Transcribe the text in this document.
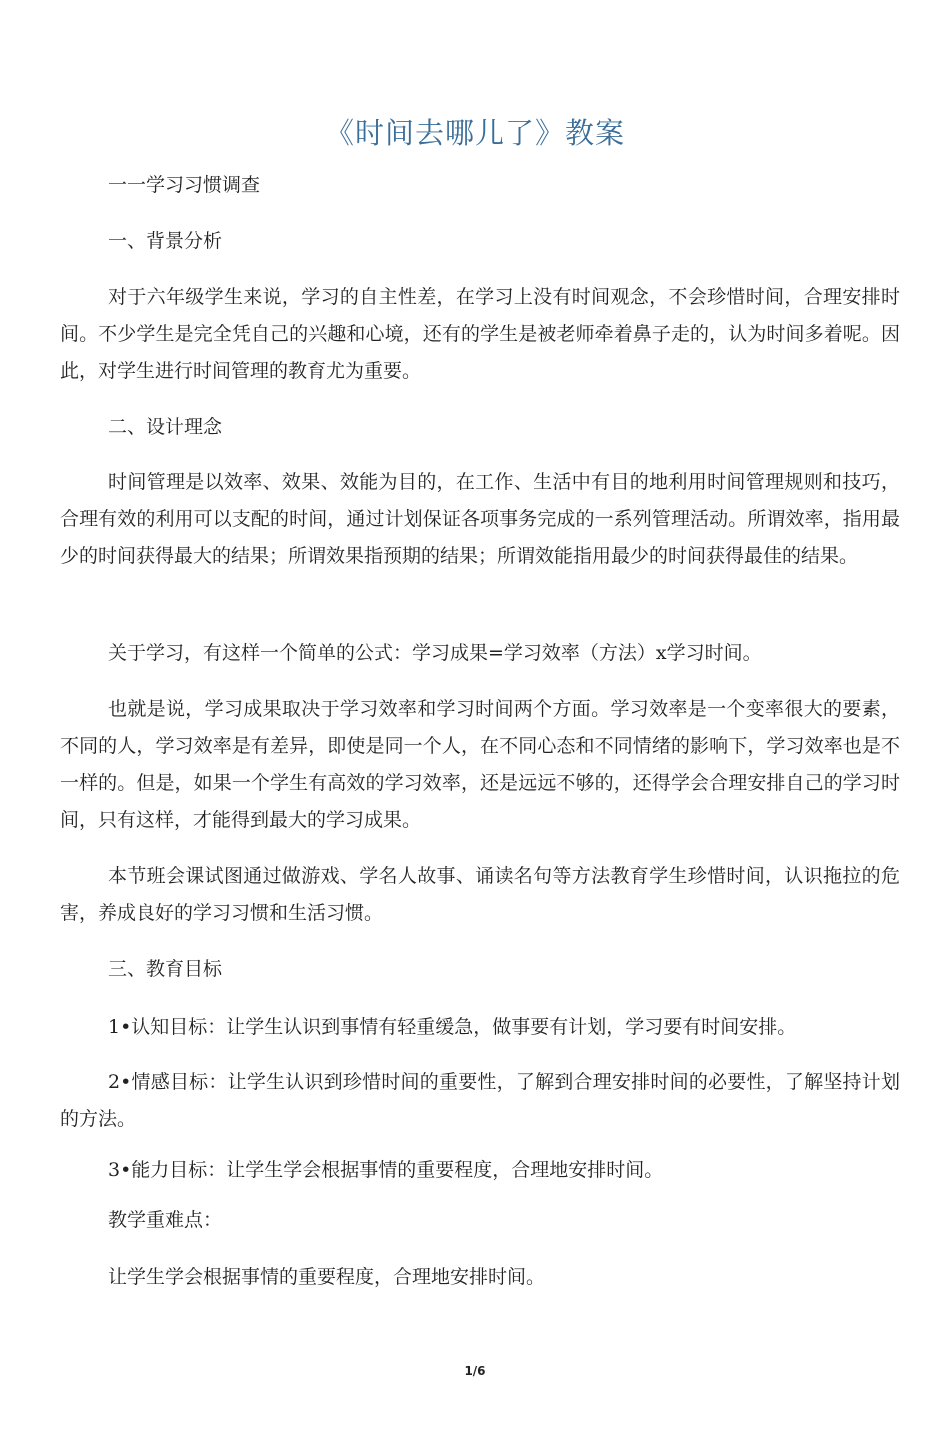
《时间去哪儿了》教案
一一学习习惯调查
一、背景分析
对于六年级学生来说，学习的自主性差，在学习上没有时间观念，不会珍惜时间，合理安排时间。不少学生是完全凭自己的兴趣和心境，还有的学生是被老师牵着鼻子走的，认为时间多着呢。因此，对学生进行时间管理的教育尤为重要。
二、设计理念
时间管理是以效率、效果、效能为目的，在工作、生活中有目的地利用时间管理规则和技巧，合理有效的利用可以支配的时间，通过计划保证各项事务完成的一系列管理活动。所谓效率，指用最少的时间获得最大的结果；所谓效果指预期的结果；所谓效能指用最少的时间获得最佳的结果。
关于学习，有这样一个简单的公式：学习成果=学习效率（方法）x学习时间。
也就是说，学习成果取决于学习效率和学习时间两个方面。学习效率是一个变率很大的要素，不同的人，学习效率是有差异，即使是同一个人，在不同心态和不同情绪的影响下，学习效率也是不一样的。但是，如果一个学生有高效的学习效率，还是远远不够的，还得学会合理安排自己的学习时间，只有这样，才能得到最大的学习成果。
本节班会课试图通过做游戏、学名人故事、诵读名句等方法教育学生珍惜时间，认识拖拉的危害，养成良好的学习习惯和生活习惯。
三、教育目标
1•认知目标：让学生认识到事情有轻重缓急，做事要有计划，学习要有时间安排。
2•情感目标：让学生认识到珍惜时间的重要性，了解到合理安排时间的必要性，了解坚持计划的方法。
3•能力目标：让学生学会根据事情的重要程度，合理地安排时间。
教学重难点：
让学生学会根据事情的重要程度，合理地安排时间。
1/6
